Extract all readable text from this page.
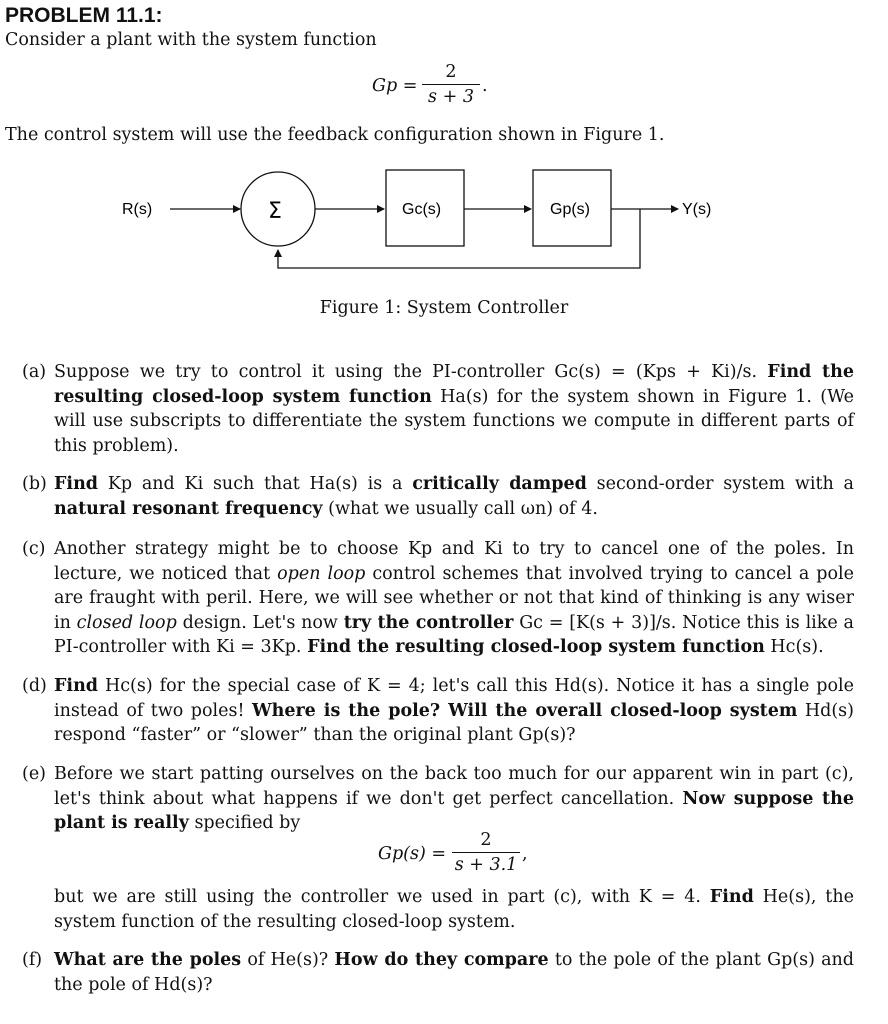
PROBLEM 11.1:
Consider a plant with the system function
Gp =
2
s + 3
.
The control system will use the feedback configuration shown in Figure 1.
R(s)	Σ	Gc(s)	Gp(s)	Y(s)
Figure 1: System Controller
(a) Suppose we try to control it using the PI-controller Gc(s) = (Kps + Ki)/s. Find the resulting closed-loop system function Ha(s) for the system shown in Figure 1. (We will use subscripts to differentiate the system functions we compute in different parts of this problem).
(b) Find Kp and Ki such that Ha(s) is a critically damped second-order system with a natural resonant frequency (what we usually call ωn) of 4.
(c) Another strategy might be to choose Kp and Ki to try to cancel one of the poles. In lecture, we noticed that open loop control schemes that involved trying to cancel a pole are fraught with peril. Here, we will see whether or not that kind of thinking is any wiser in closed loop design. Let's now try the controller Gc = [K(s + 3)]/s. Notice this is like a PI-controller with Ki = 3Kp. Find the resulting closed-loop system function Hc(s).
(d) Find Hc(s) for the special case of K = 4; let's call this Hd(s). Notice it has a single pole instead of two poles! Where is the pole? Will the overall closed-loop system Hd(s) respond “faster” or “slower” than the original plant Gp(s)?
(e) Before we start patting ourselves on the back too much for our apparent win in part (c), let's think about what happens if we don't get perfect cancellation. Now suppose the plant is really specified by
Gp(s) =
2
s + 3.1
,
but we are still using the controller we used in part (c), with K = 4. Find He(s), the system function of the resulting closed-loop system.
(f) What are the poles of He(s)? How do they compare to the pole of the plant Gp(s) and the pole of Hd(s)?
